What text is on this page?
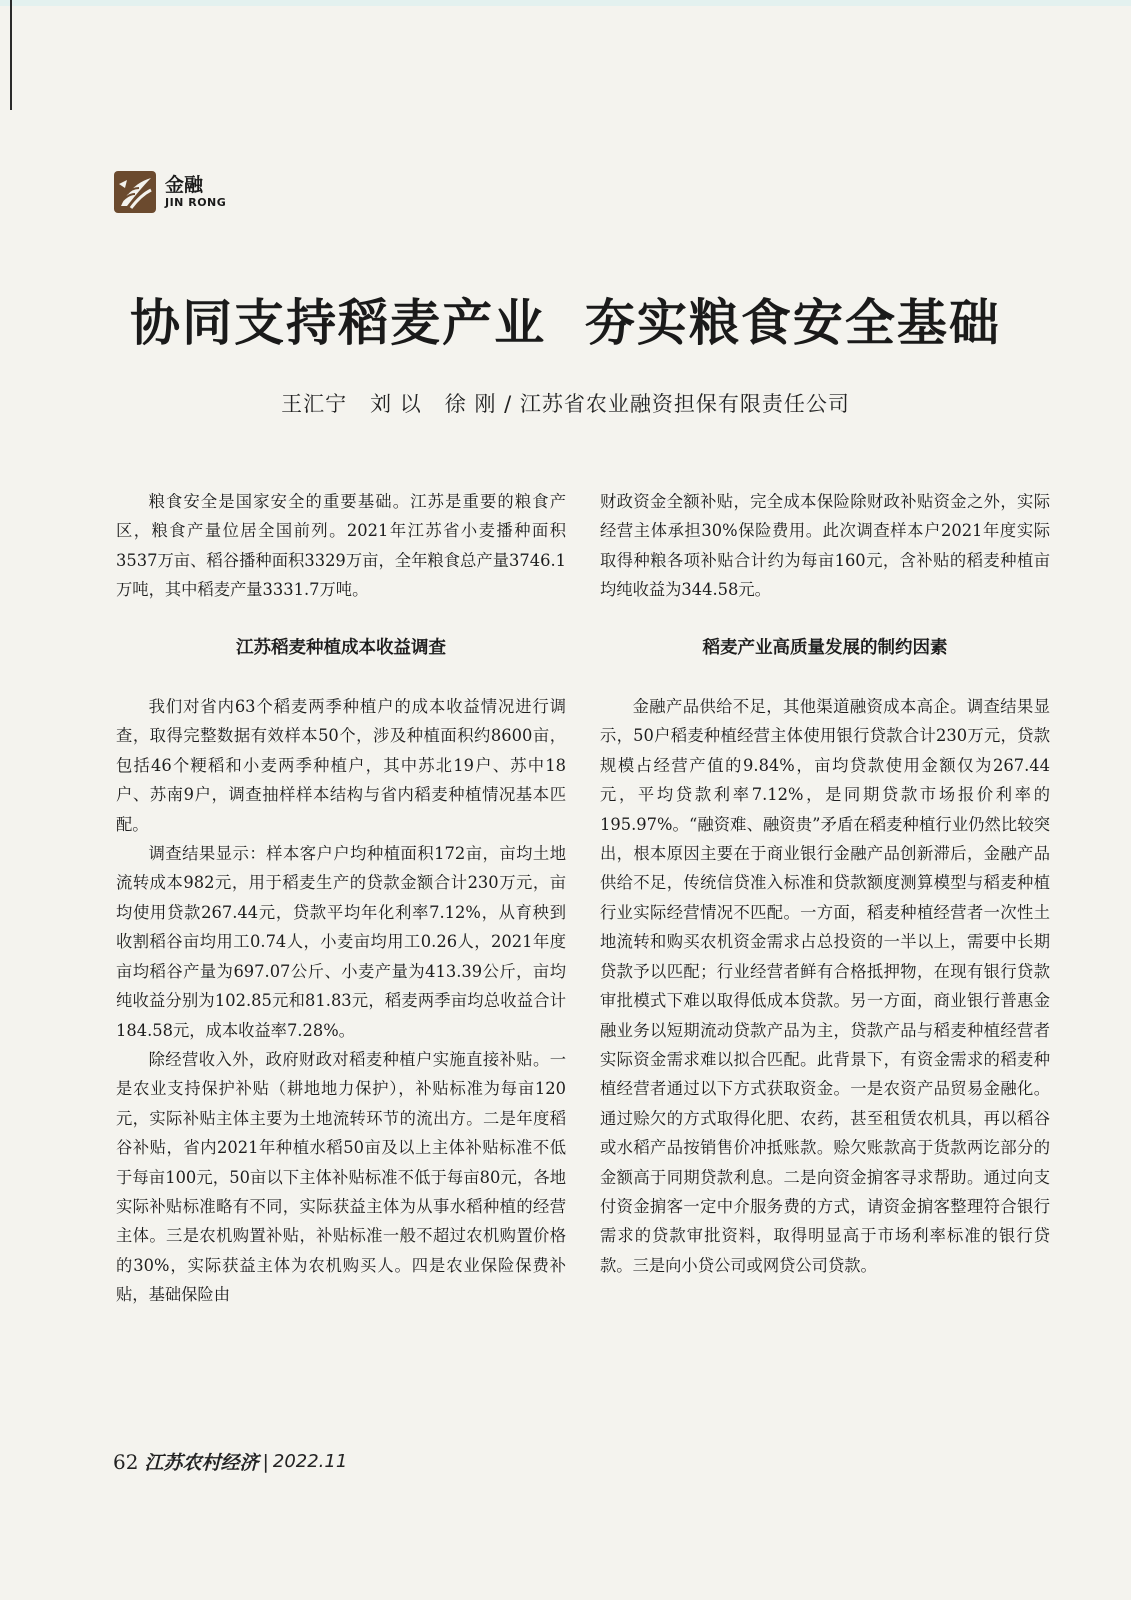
金融
JIN RONG
协同支持稻麦产业  夯实粮食安全基础
王汇宁   刘 以   徐 刚 / 江苏省农业融资担保有限责任公司

粮食安全是国家安全的重要基础。江苏是重要的粮食产区，粮食产量位居全国前列。2021年江苏省小麦播种面积3537万亩、稻谷播种面积3329万亩，全年粮食总产量3746.1万吨，其中稻麦产量3331.7万吨。

江苏稻麦种植成本收益调查

我们对省内63个稻麦两季种植户的成本收益情况进行调查，取得完整数据有效样本50个，涉及种植面积约8600亩，包括46个粳稻和小麦两季种植户，其中苏北19户、苏中18户、苏南9户，调查抽样样本结构与省内稻麦种植情况基本匹配。

调查结果显示：样本客户户均种植面积172亩，亩均土地流转成本982元，用于稻麦生产的贷款金额合计230万元，亩均使用贷款267.44元，贷款平均年化利率7.12%，从育秧到收割稻谷亩均用工0.74人，小麦亩均用工0.26人，2021年度亩均稻谷产量为697.07公斤、小麦产量为413.39公斤，亩均纯收益分别为102.85元和81.83元，稻麦两季亩均总收益合计184.58元，成本收益率7.28%。

除经营收入外，政府财政对稻麦种植户实施直接补贴。一是农业支持保护补贴（耕地地力保护），补贴标准为每亩120元，实际补贴主体主要为土地流转环节的流出方。二是年度稻谷补贴，省内2021年种植水稻50亩及以上主体补贴标准不低于每亩100元，50亩以下主体补贴标准不低于每亩80元，各地实际补贴标准略有不同，实际获益主体为从事水稻种植的经营主体。三是农机购置补贴，补贴标准一般不超过农机购置价格的30%，实际获益主体为农机购买人。四是农业保险保费补贴，基础保险由

财政资金全额补贴，完全成本保险除财政补贴资金之外，实际经营主体承担30%保险费用。此次调查样本户2021年度实际取得种粮各项补贴合计约为每亩160元，含补贴的稻麦种植亩均纯收益为344.58元。

稻麦产业高质量发展的制约因素

金融产品供给不足，其他渠道融资成本高企。调查结果显示，50户稻麦种植经营主体使用银行贷款合计230万元，贷款规模占经营产值的9.84%，亩均贷款使用金额仅为267.44元，平均贷款利率7.12%，是同期贷款市场报价利率的195.97%。“融资难、融资贵”矛盾在稻麦种植行业仍然比较突出，根本原因主要在于商业银行金融产品创新滞后，金融产品供给不足，传统信贷准入标准和贷款额度测算模型与稻麦种植行业实际经营情况不匹配。一方面，稻麦种植经营者一次性土地流转和购买农机资金需求占总投资的一半以上，需要中长期贷款予以匹配；行业经营者鲜有合格抵押物，在现有银行贷款审批模式下难以取得低成本贷款。另一方面，商业银行普惠金融业务以短期流动贷款产品为主，贷款产品与稻麦种植经营者实际资金需求难以拟合匹配。此背景下，有资金需求的稻麦种植经营者通过以下方式获取资金。一是农资产品贸易金融化。通过赊欠的方式取得化肥、农药，甚至租赁农机具，再以稻谷或水稻产品按销售价冲抵账款。赊欠账款高于货款两讫部分的金额高于同期贷款利息。二是向资金掮客寻求帮助。通过向支付资金掮客一定中介服务费的方式，请资金掮客整理符合银行需求的贷款审批资料，取得明显高于市场利率标准的银行贷款。三是向小贷公司或网贷公司贷款。

62 江苏农村经济 | 2022.11
